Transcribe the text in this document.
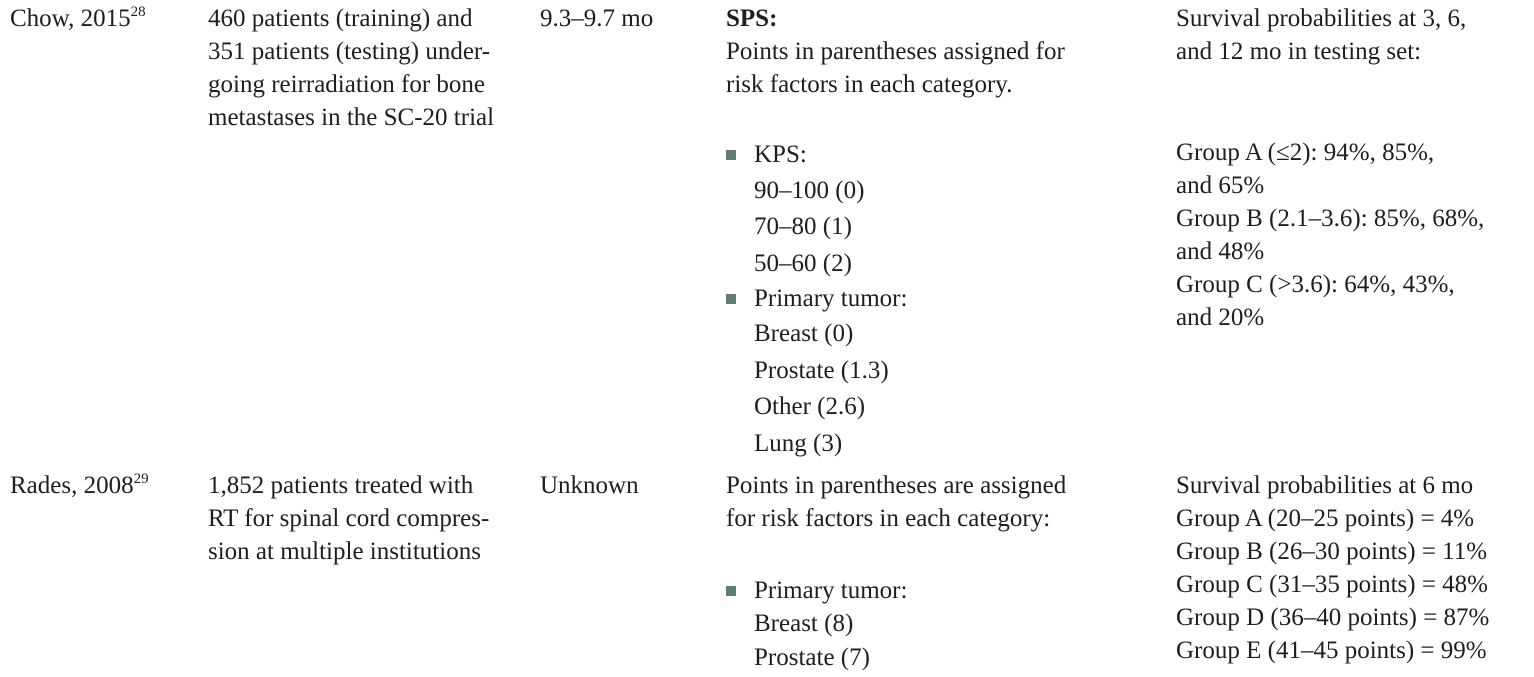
Chow, 2015$^{28}$ 460 patients (training) and
351 patients (testing) under-
going reirradiation for bone
metastases in the SC-20 trial
9.3–9.7 mo	SPS:
Points in parentheses assigned for
risk factors in each category.
KPS:
90–100 (0)
70–80 (1)
50–60 (2)
Primary tumor:
Breast (0)
Prostate (1.3)
Other (2.6)
Lung (3)
Survival probabilities at 3, 6,
and 12 mo in testing set:
Group A (≤2): 94%, 85%,
and 65%
Group B (2.1–3.6): 85%, 68%,
and 48%
Group C (>3.6): 64%, 43%,
and 20%
Rades, 2008$^{29}$ 1,852 patients treated with
RT for spinal cord compres-
sion at multiple institutions
Unknown	Points in parentheses are assigned
for risk factors in each category:
Primary tumor:
Breast (8)
Prostate (7)
Survival probabilities at 6 mo
Group A (20–25 points) = 4%
Group B (26–30 points) = 11%
Group C (31–35 points) = 48%
Group D (36–40 points) = 87%
Group E (41–45 points) = 99%
